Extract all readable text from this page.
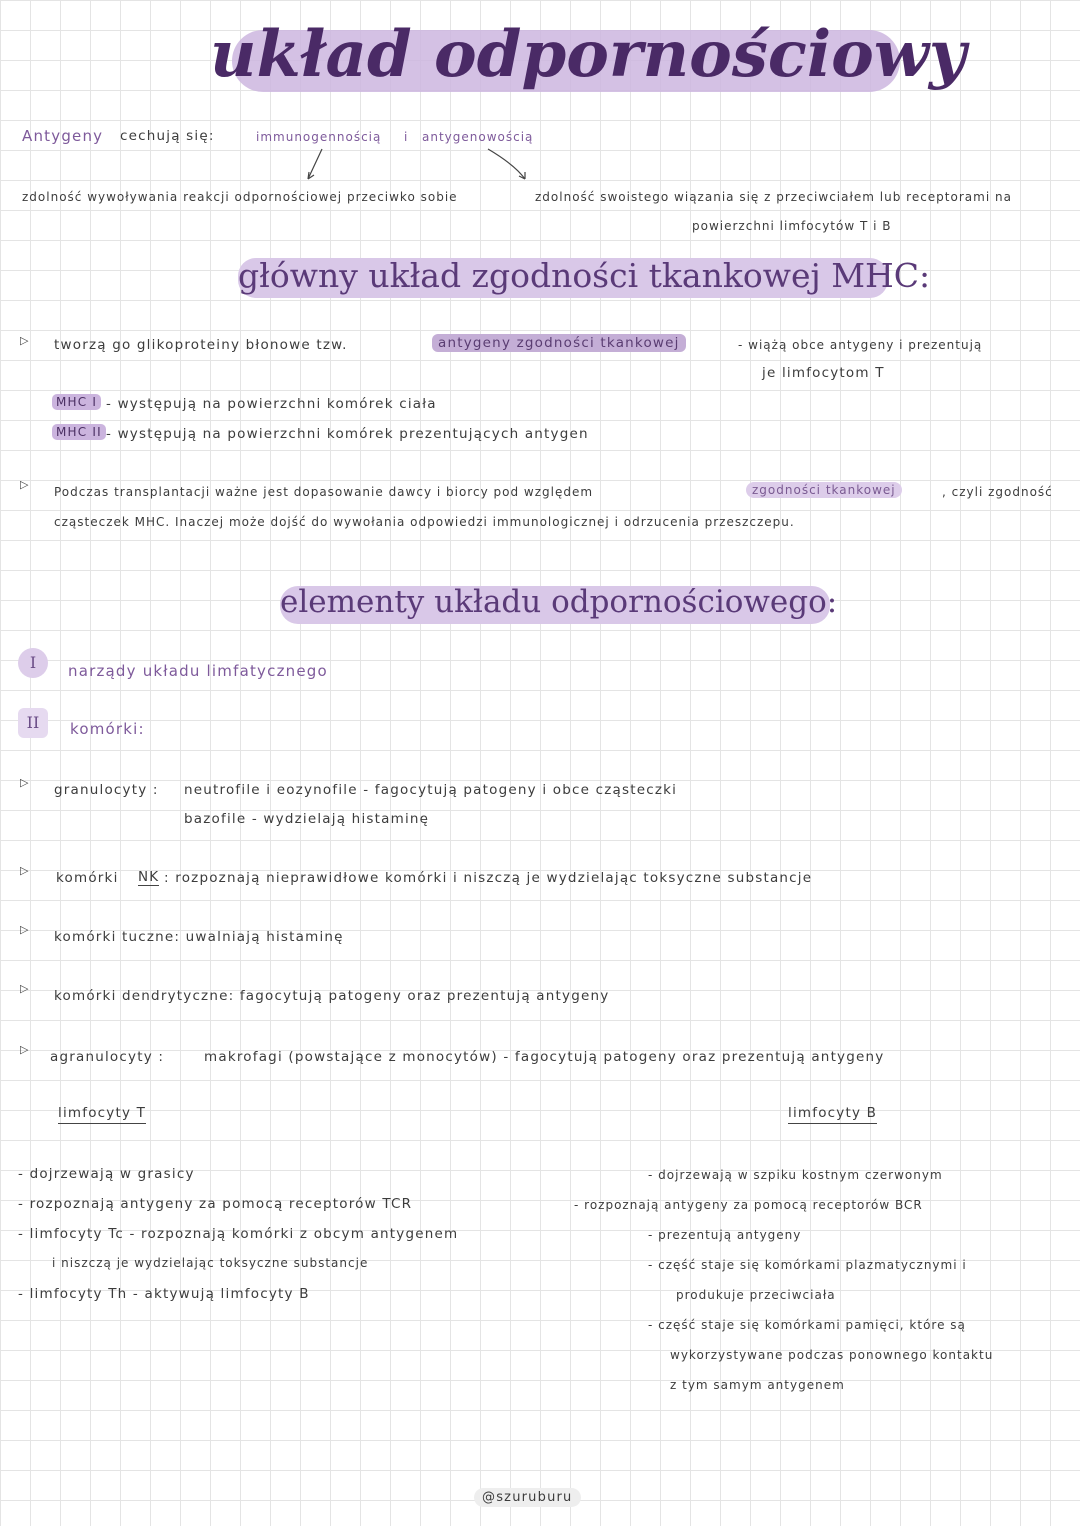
układ odpornościowy
Antygeny cechują się:	immunogennością i antygenowością
zdolność wywoływania reakcji odpornościowej przeciwko sobie	zdolność swoistego wiązania się z przeciwciałem lub receptorami na
powierzchni limfocytów T i B
główny układ zgodności tkankowej MHC:
▷ tworzą go glikoproteiny błonowe tzw.	antygeny zgodności tkankowej	- wiążą obce antygeny i prezentują
je limfocytom T
MHC I - występują na powierzchni komórek ciała
MHC II - występują na powierzchni komórek prezentujących antygen
▷
Podczas transplantacji ważne jest dopasowanie dawcy i biorcy pod względem	zgodności tkankowej	, czyli zgodność
cząsteczek MHC. Inaczej może dojść do wywołania odpowiedzi immunologicznej i odrzucenia przeszczepu.
elementy układu odpornościowego:
I	narządy układu limfatycznego
II	komórki:
▷ granulocyty : neutrofile i eozynofile - fagocytują patogeny i obce cząsteczki
bazofile - wydzielają histaminę
▷ komórki NK : rozpoznają nieprawidłowe komórki i niszczą je wydzielając toksyczne substancje
▷ komórki tuczne: uwalniają histaminę
▷ komórki dendrytyczne: fagocytują patogeny oraz prezentują antygeny
▷ agranulocyty :	makrofagi (powstające z monocytów) - fagocytują patogeny oraz prezentują antygeny
limfocyty T
- dojrzewają w grasicy
- rozpoznają antygeny za pomocą receptorów TCR
- limfocyty Tc - rozpoznają komórki z obcym antygenem
i niszczą je wydzielając toksyczne substancje
- limfocyty Th - aktywują limfocyty B
limfocyty B
- dojrzewają w szpiku kostnym czerwonym
- rozpoznają antygeny za pomocą receptorów BCR
- prezentują antygeny
- część staje się komórkami plazmatycznymi i
produkuje przeciwciała
- część staje się komórkami pamięci, które są
wykorzystywane podczas ponownego kontaktu
z tym samym antygenem
@szuruburu
